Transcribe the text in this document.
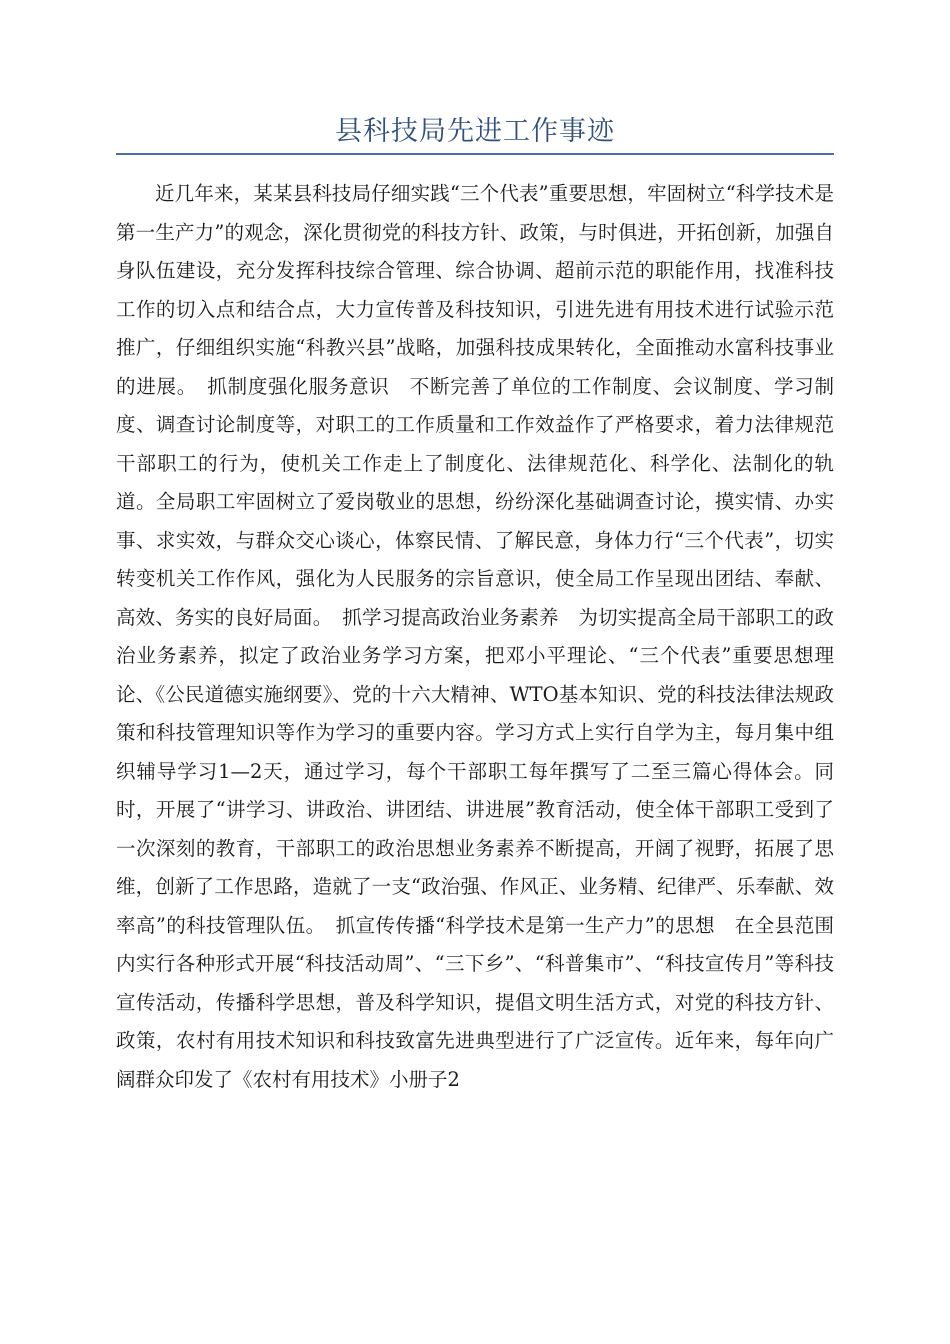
县科技局先进工作事迹

近几年来，某某县科技局仔细实践“三个代表”重要思想，牢固树立“科学技术是第一生产力”的观念，深化贯彻党的科技方针、政策，与时俱进，开拓创新，加强自身队伍建设，充分发挥科技综合管理、综合协调、超前示范的职能作用，找准科技工作的切入点和结合点，大力宣传普及科技知识，引进先进有用技术进行试验示范推广，仔细组织实施“科教兴县”战略，加强科技成果转化，全面推动水富科技事业的进展。　抓制度强化服务意识　不断完善了单位的工作制度、会议制度、学习制度、调查讨论制度等，对职工的工作质量和工作效益作了严格要求，着力法律规范干部职工的行为，使机关工作走上了制度化、法律规范化、科学化、法制化的轨道。全局职工牢固树立了爱岗敬业的思想，纷纷深化基础调查讨论，摸实情、办实事、求实效，与群众交心谈心，体察民情、了解民意，身体力行“三个代表”，切实转变机关工作作风，强化为人民服务的宗旨意识，使全局工作呈现出团结、奉献、高效、务实的良好局面。　抓学习提高政治业务素养　为切实提高全局干部职工的政治业务素养，拟定了政治业务学习方案，把邓小平理论、“三个代表”重要思想理论、《公民道德实施纲要》、党的十六大精神、WTO基本知识、党的科技法律法规政策和科技管理知识等作为学习的重要内容。学习方式上实行自学为主，每月集中组织辅导学习1—2天，通过学习，每个干部职工每年撰写了二至三篇心得体会。同时，开展了“讲学习、讲政治、讲团结、讲进展”教育活动，使全体干部职工受到了一次深刻的教育，干部职工的政治思想业务素养不断提高，开阔了视野，拓展了思维，创新了工作思路，造就了一支“政治强、作风正、业务精、纪律严、乐奉献、效率高”的科技管理队伍。　抓宣传传播“科学技术是第一生产力”的思想　在全县范围内实行各种形式开展“科技活动周”、“三下乡”、“科普集市”、“科技宣传月”等科技宣传活动，传播科学思想，普及科学知识，提倡文明生活方式，对党的科技方针、政策，农村有用技术知识和科技致富先进典型进行了广泛宣传。近年来，每年向广阔群众印发了《农村有用技术》小册子2
